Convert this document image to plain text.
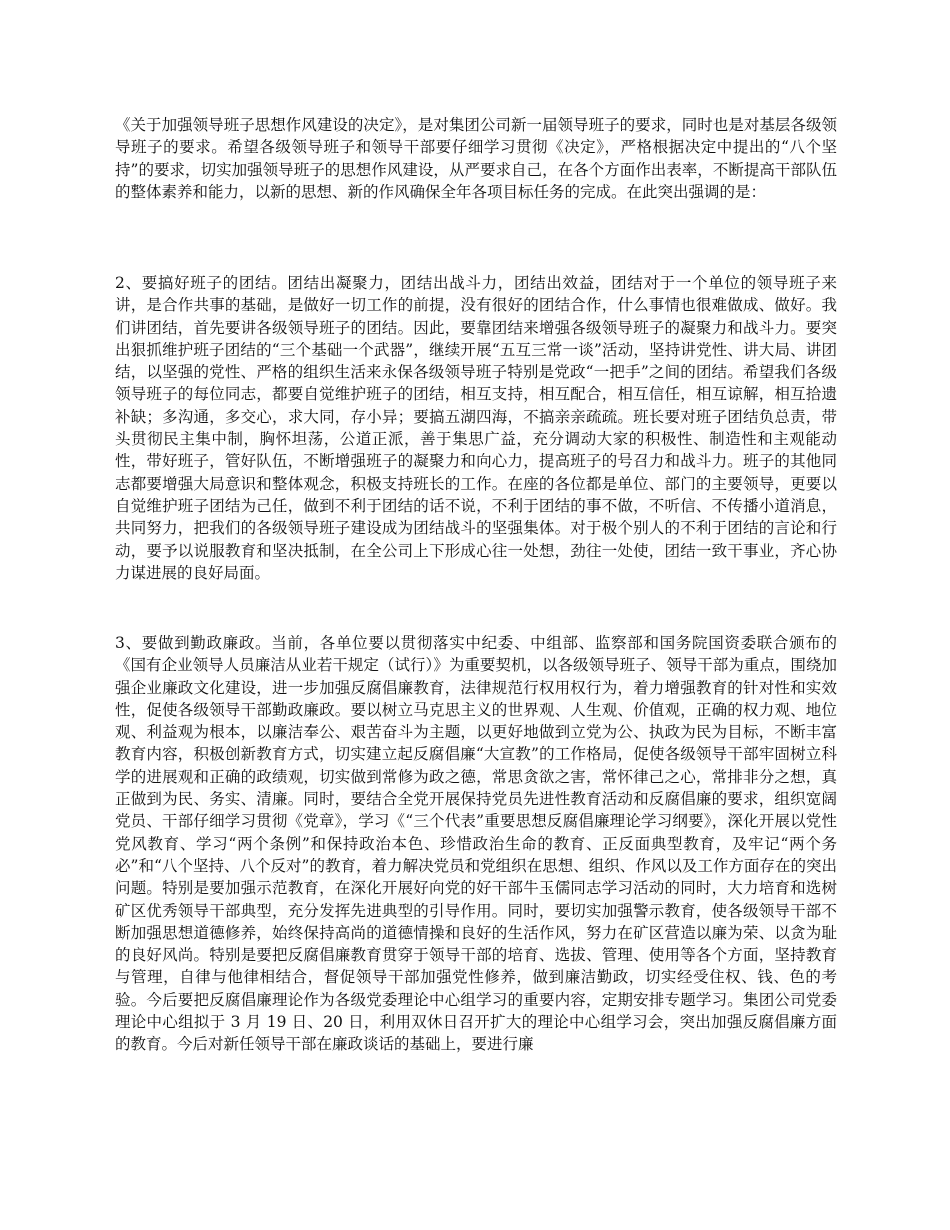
《关于加强领导班子思想作风建设的决定》，是对集团公司新一届领导班子的要求，同时也是对基层各级领导班子的要求。希望各级领导班子和领导干部要仔细学习贯彻《决定》，严格根据决定中提出的“八个坚持”的要求，切实加强领导班子的思想作风建设，从严要求自己，在各个方面作出表率，不断提高干部队伍的整体素养和能力，以新的思想、新的作风确保全年各项目标任务的完成。在此突出强调的是：

2、要搞好班子的团结。团结出凝聚力，团结出战斗力，团结出效益，团结对于一个单位的领导班子来讲，是合作共事的基础，是做好一切工作的前提，没有很好的团结合作，什么事情也很难做成、做好。我们讲团结，首先要讲各级领导班子的团结。因此，要靠团结来增强各级领导班子的凝聚力和战斗力。要突出狠抓维护班子团结的“三个基础一个武器”，继续开展“五互三常一谈”活动，坚持讲党性、讲大局、讲团结，以坚强的党性、严格的组织生活来永保各级领导班子特别是党政“一把手”之间的团结。希望我们各级领导班子的每位同志，都要自觉维护班子的团结，相互支持，相互配合，相互信任，相互谅解，相互拾遗补缺；多沟通，多交心，求大同，存小异；要搞五湖四海，不搞亲亲疏疏。班长要对班子团结负总责，带头贯彻民主集中制，胸怀坦荡，公道正派，善于集思广益，充分调动大家的积极性、制造性和主观能动性，带好班子，管好队伍，不断增强班子的凝聚力和向心力，提高班子的号召力和战斗力。班子的其他同志都要增强大局意识和整体观念，积极支持班长的工作。在座的各位都是单位、部门的主要领导，更要以自觉维护班子团结为己任，做到不利于团结的话不说，不利于团结的事不做，不听信、不传播小道消息，共同努力，把我们的各级领导班子建设成为团结战斗的坚强集体。对于极个别人的不利于团结的言论和行动，要予以说服教育和坚决抵制，在全公司上下形成心往一处想，劲往一处使，团结一致干事业，齐心协力谋进展的良好局面。

3、要做到勤政廉政。当前，各单位要以贯彻落实中纪委、中组部、监察部和国务院国资委联合颁布的《国有企业领导人员廉洁从业若干规定（试行）》为重要契机，以各级领导班子、领导干部为重点，围绕加强企业廉政文化建设，进一步加强反腐倡廉教育，法律规范行权用权行为，着力增强教育的针对性和实效性，促使各级领导干部勤政廉政。要以树立马克思主义的世界观、人生观、价值观，正确的权力观、地位观、利益观为根本，以廉洁奉公、艰苦奋斗为主题，以更好地做到立党为公、执政为民为目标，不断丰富教育内容，积极创新教育方式，切实建立起反腐倡廉“大宣教”的工作格局，促使各级领导干部牢固树立科学的进展观和正确的政绩观，切实做到常修为政之德，常思贪欲之害，常怀律己之心，常排非分之想，真正做到为民、务实、清廉。同时，要结合全党开展保持党员先进性教育活动和反腐倡廉的要求，组织宽阔党员、干部仔细学习贯彻《党章》，学习《“三个代表”重要思想反腐倡廉理论学习纲要》，深化开展以党性党风教育、学习“两个条例”和保持政治本色、珍惜政治生命的教育、正反面典型教育，及牢记“两个务必”和“八个坚持、八个反对”的教育，着力解决党员和党组织在思想、组织、作风以及工作方面存在的突出问题。特别是要加强示范教育，在深化开展好向党的好干部牛玉儒同志学习活动的同时，大力培育和选树矿区优秀领导干部典型，充分发挥先进典型的引导作用。同时，要切实加强警示教育，使各级领导干部不断加强思想道德修养，始终保持高尚的道德情操和良好的生活作风，努力在矿区营造以廉为荣、以贪为耻的良好风尚。特别是要把反腐倡廉教育贯穿于领导干部的培育、选拔、管理、使用等各个方面，坚持教育与管理，自律与他律相结合，督促领导干部加强党性修养，做到廉洁勤政，切实经受住权、钱、色的考验。今后要把反腐倡廉理论作为各级党委理论中心组学习的重要内容，定期安排专题学习。集团公司党委理论中心组拟于 3 月 19 日、20 日，利用双休日召开扩大的理论中心组学习会，突出加强反腐倡廉方面的教育。今后对新任领导干部在廉政谈话的基础上，要进行廉
